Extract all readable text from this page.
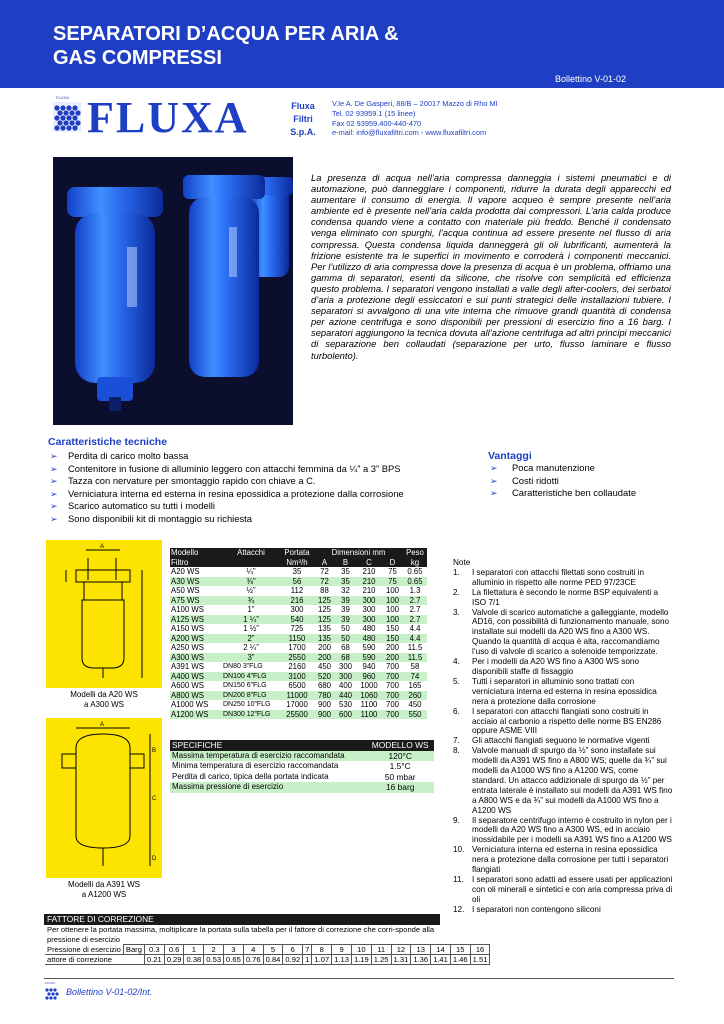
SEPARATORI D’ACQUA PER ARIA &
GAS COMPRESSI
Bollettino V-01-02
FLUXA FLUXA	Fluxa
Filtri
S.p.A.
V.le A. De Gasperi, 88/B – 20017 Mazzo di Rho MI
Tel. 02 93959.1 (15 linee)
Fax 02 93959.400-440-470
e-mail: info@fluxafiltri.com - www.fluxafiltri.com
La presenza di acqua nell’aria compressa danneggia i sistemi pneumatici e di automazione, può danneggiare i componenti, ridurre la durata degli apparecchi ed aumentare il consumo di energia. Il vapore acqueo è sempre presente nell’aria ambiente ed è presente nell’aria calda prodotta dai compressori. L’aria calda produce condensa quando viene a contatto con materiale più freddo. Benché il condensato venga eliminato con spurghi, l’acqua continua ad essere presente nel flusso di aria compressa. Questa condensa liquida danneggerà gli oli lubrificanti, aumenterà la frizione esistente tra le superfici in movimento e corroderà i componenti meccanici. Per l’utilizzo di aria compressa dove la presenza di acqua è un problema, offriamo una gamma di separatori, esenti da silicone, che risolve con semplicità ed efficienza questo problema. I separatori vengono installati a valle degli after-coolers, dei serbatoi d’aria a protezione degli essiccatori e sui punti strategici delle installazioni tubiere. I separatori si avvalgono di una vite interna che rimuove grandi quantità di condensa per azione centrifuga e sono disponibili per pressioni di esercizio fino a 16 barg. I separatori aggiungono la tecnica dovuta all’azione centrifuga ad altri principi meccanici di separazione ben collaudati (separazione per urto, flusso laminare e flusso turbolento).
Caratteristiche tecniche
➢ Perdita di carico molto bassa
➢ Contenitore in fusione di alluminio leggero con attacchi femmina da ¼” a 3” BPS
➢ Tazza con nervature per smontaggio rapido con chiave a C.
➢ Verniciatura interna ed esterna in resina epossidica a protezione dalla corrosione
➢ Scarico automatico su tutti i modelli
➢ Sono disponibili kit di montaggio su richiesta
Vantaggi
➢ Poca manutenzione
➢ Costi ridotti
➢ Caratteristiche ben collaudate
A
Modelli da A20 WS
a A300 WS
A
B
C
D
Modelli da A391 WS
a A1200 WS
Modello	Attacchi	Portata	Dimensioni mm				Peso
Filtro		Nm³/h	A	B	C	D	kg
A20 WS	¼”	35	72	35	210	75	0.65
A30 WS	⅜”	56	72	35	210	75	0.65
A50 WS	½”	112	88	32	210	100	1.3
A75 WS	¾	216	125	39	300	100	2.7
A100 WS	1”	300	125	39	300	100	2.7
A125 WS	1 ¼”	540	125	39	300	100	2.7
A150 WS	1 ½”	725	135	50	480	150	4.4
A200 WS	2”	1150	135	50	480	150	4.4
A250 WS	2 ¼”	1700	200	68	590	200	11.5
A300 WS	3”	2550	200	68	590	200	11.5
A391 WS	DN80 3”FLG	2160	450	300	940	700	58
A400 WS	DN100 4”FLG	3100	520	300	960	700	74
A600 WS	DN150 6”FLG	6500	680	400	1000	700	165
A800 WS	DN200 8”FLG	11000	780	440	1060	700	260
A1000 WS	DN250 10”FLG	17000	900	530	1100	700	450
A1200 WS	DN300 12”FLG	25500	900	600	1100	700	550
SPECIFICHE	MODELLO WS
Massima temperatura di esercizio raccomandata	120°C
Minima temperatura di esercizio raccomandata	1.5°C
Perdita di carico, tipica della portata indicata	50 mbar
Massima pressione di esercizio	16 barg
Note
1. I separatori con attacchi filettati sono costruiti in alluminio in rispetto alle norme PED 97/23CE
2. La filettatura è secondo le norme BSP equivalenti a ISO 7/1
3. Valvole di scarico automatiche a galleggiante, modello AD16, con possibilità di funzionamento manuale, sono installate sui modelli da A20 WS fino a A300 WS. Quando la quantità di acqua è alta, raccomandiamo l’uso di valvole di scarico a solenoide temporizzate.
4. Per i modelli da A20 WS fino a A300 WS sono disponibili staffe di fissaggio
5. Tutti i separatori in alluminio sono trattati con verniciatura interna ed esterna in resina epossidica nera a protezione dalla corrosione
6. I separatori con attacchi flangiati sono costruiti in acciaio al carbonio a rispetto delle norme BS EN286 oppure ASME VIII
7. Gli attacchi flangiati seguono le normative vigenti
8. Valvole manuali di spurgo da ½” sono installate sui modelli da A391 WS fino a A800 WS; quelle da ¾” sui modelli da A1000 WS fino a A1200 WS, come standard. Un attacco addizionale di spurgo da ½” per entrata laterale è installato sui modelli da A391 WS fino a A800 WS e da ¾” sui modelli da A1000 WS fino a A1200 WS
9. Il separatore centrifugo interno è costruito in nylon per i modelli da A20 WS fino a A300 WS, ed in acciaio inossidabile per i modelli sa A391 WS fino a A1200 WS
10. Verniciatura interna ed esterna in resina epossidica nera a protezione dalla corrosione per tutti i separatori flangiati
11. I separatori sono adatti ad essere usati per applicazioni con oli minerali e sintetici e con aria compressa priva di oli
12. I separatori non contengono siliconi
FATTORE DI CORREZIONE
Per ottenere la portata massima, moltiplicare la portata sulla tabella per il fattore di correzione che corri-sponde alla pressione di esercizio
Pressione di esercizio	Barg	0.3	0.6	1	2	3	4	5	6	7	8	9	10	11	12	13	14	15	16
attore di correzione		0.21	0.29	0.38	0.53	0.65	0.76	0.84	0.92	1	1.07	1.13	1.19	1.25	1.31	1.36	1.41	1.46	1.51
FLUXA
Bollettino V-01-02/Int.
